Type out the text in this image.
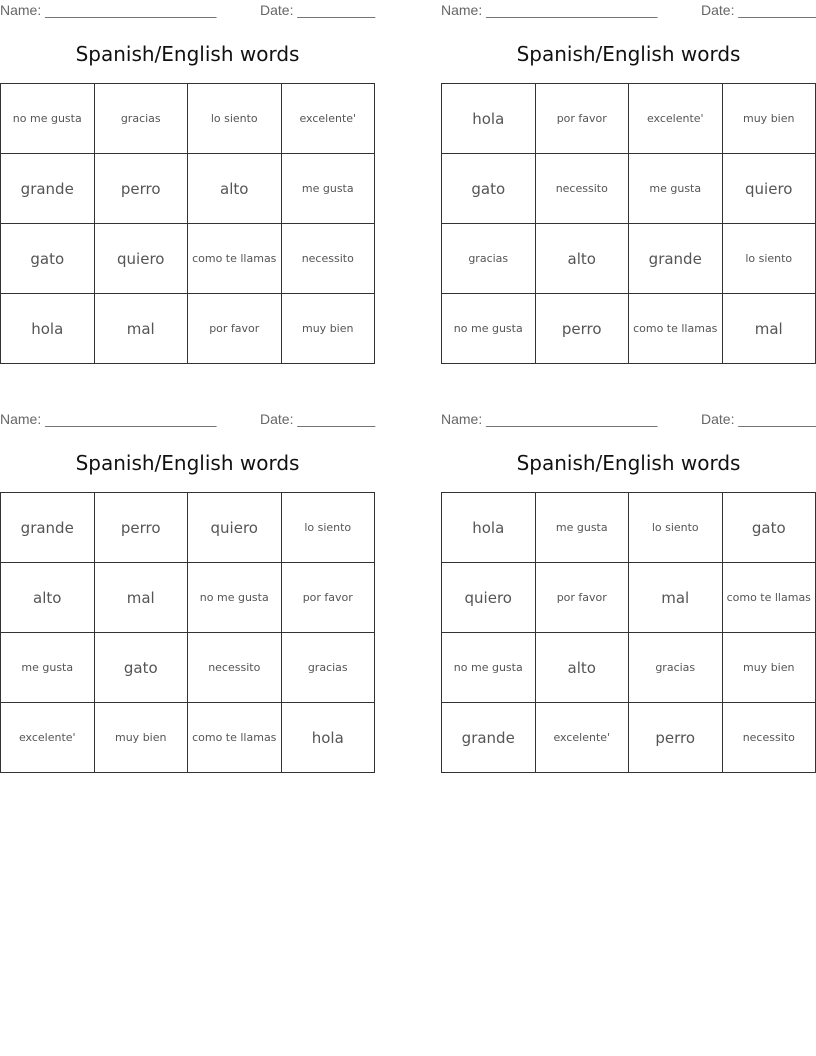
Name: ______________________	Date: __________
Spanish/English words
no me gusta	gracias	lo siento	excelente'
grande	perro	alto	me gusta
gato	quiero	como te llamas	necessito
hola	mal	por favor	muy bien
Name: ______________________	Date: __________
Spanish/English words
hola	por favor	excelente'	muy bien
gato	necessito	me gusta	quiero
gracias	alto	grande	lo siento
no me gusta	perro	como te llamas	mal
Name: ______________________	Date: __________
Spanish/English words
grande	perro	quiero	lo siento
alto	mal	no me gusta	por favor
me gusta	gato	necessito	gracias
excelente'	muy bien	como te llamas	hola
Name: ______________________	Date: __________
Spanish/English words
hola	me gusta	lo siento	gato
quiero	por favor	mal	como te llamas
no me gusta	alto	gracias	muy bien
grande	excelente'	perro	necessito
